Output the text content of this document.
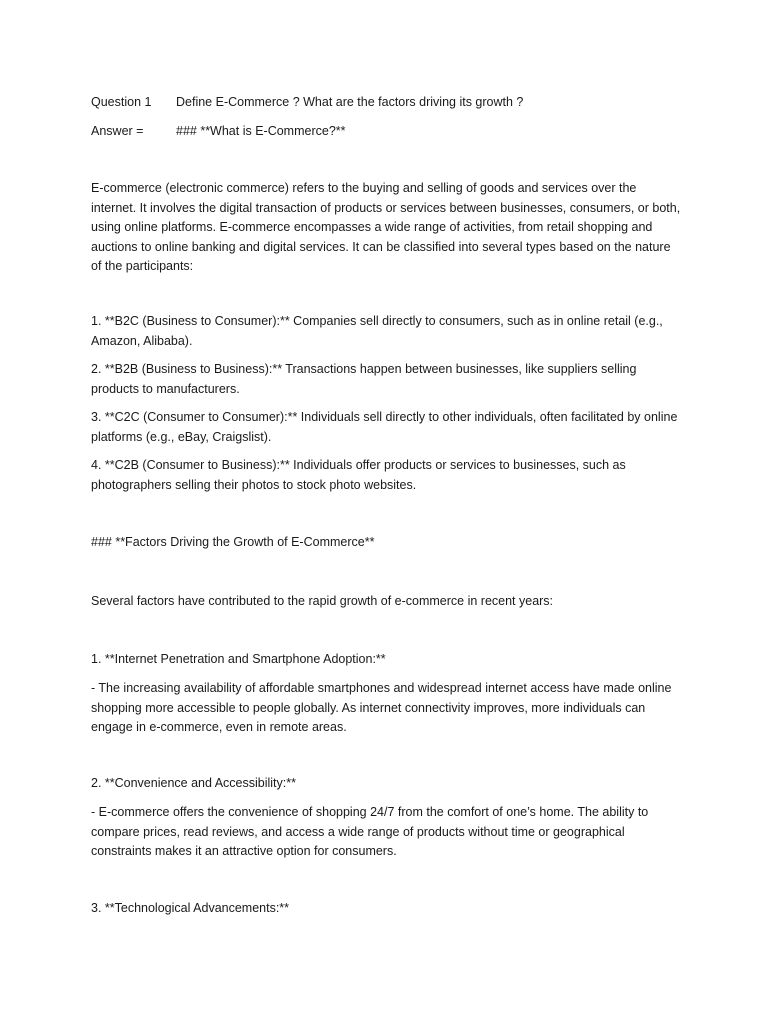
Question 1 Define E-Commerce ? What are the factors driving its growth ?

Answer =	### **What is E-Commerce?**

E-commerce (electronic commerce) refers to the buying and selling of goods and services over the internet. It involves the digital transaction of products or services between businesses, consumers, or both, using online platforms. E-commerce encompasses a wide range of activities, from retail shopping and auctions to online banking and digital services. It can be classified into several types based on the nature of the participants:

1. **B2C (Business to Consumer):** Companies sell directly to consumers, such as in online retail (e.g., Amazon, Alibaba).

2. **B2B (Business to Business):** Transactions happen between businesses, like suppliers selling products to manufacturers.

3. **C2C (Consumer to Consumer):** Individuals sell directly to other individuals, often facilitated by online platforms (e.g., eBay, Craigslist).

4. **C2B (Consumer to Business):** Individuals offer products or services to businesses, such as photographers selling their photos to stock photo websites.

### **Factors Driving the Growth of E-Commerce**

Several factors have contributed to the rapid growth of e-commerce in recent years:

1. **Internet Penetration and Smartphone Adoption:**

- The increasing availability of affordable smartphones and widespread internet access have made online shopping more accessible to people globally. As internet connectivity improves, more individuals can engage in e-commerce, even in remote areas.

2. **Convenience and Accessibility:**

- E-commerce offers the convenience of shopping 24/7 from the comfort of one’s home. The ability to compare prices, read reviews, and access a wide range of products without time or geographical constraints makes it an attractive option for consumers.

3. **Technological Advancements:**
